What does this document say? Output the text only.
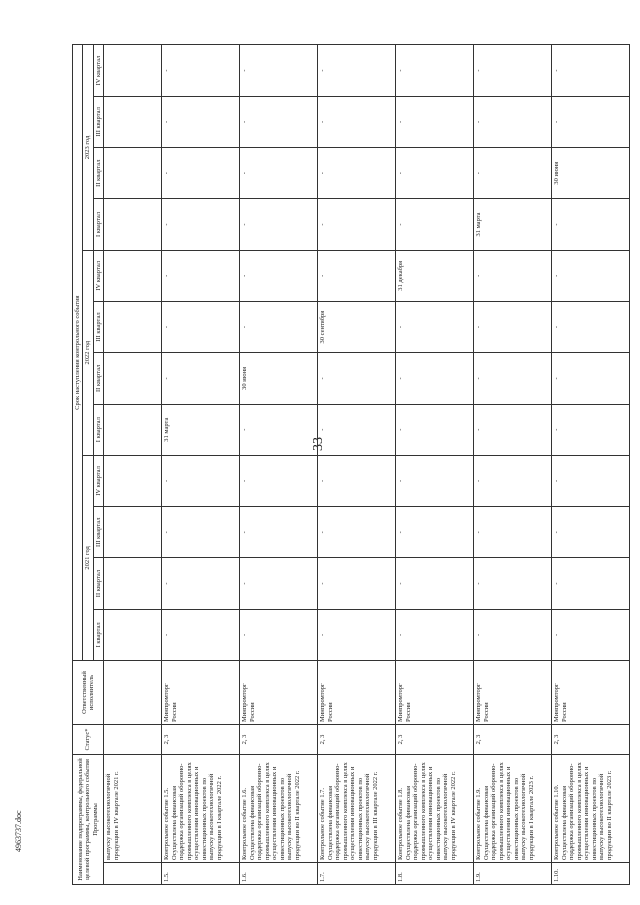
33
4963737.doc	Наименование подпрограммы, федеральной целевой программы, контрольного события Программы		Статус*	Ответственный исполнитель	Срок наступления контрольного события											
				2021 год				2022 год				2023 год			
				I квартал	II квартал	III квартал	IV квартал	I квартал	II квартал	III квартал	IV квартал	I квартал	II квартал	III квартал	IV квартал
	выпуску высокотехнологичной продукции в IV квартале 2021 г.														
1.5.	Контрольное событие 1.5. Осуществлена финансовая поддержка организаций оборонно-промышленного комплекса в целях осуществления инновационных и инвестиционных проектов по выпуску высокотехнологичной продукции в I квартале 2022 г.	2, 3	Минпромторг России	-	-	-	-	31 марта	-	-	-	-	-	-	-
1.6.	Контрольное событие 1.6. Осуществлена финансовая поддержка организаций оборонно-промышленного комплекса в целях осуществления инновационных и инвестиционных проектов по выпуску высокотехнологичной продукции во II квартале 2022 г.	2, 3	Минпромторг России	-	-	-	-	-	30 июня	-	-	-	-	-	-
1.7.	Контрольное событие 1.7. Осуществлена финансовая поддержка организаций оборонно-промышленного комплекса в целях осуществления инновационных и инвестиционных проектов по выпуску высокотехнологичной продукции в III квартале 2022 г.	2, 3	Минпромторг России	-	-	-	-	-	-	30 сентября	-	-	-	-	-
1.8.	Контрольное событие 1.8. Осуществлена финансовая поддержка организаций оборонно-промышленного комплекса в целях осуществления инновационных и инвестиционных проектов по выпуску высокотехнологичной продукции в IV квартале 2022 г.	2, 3	Минпромторг России	-	-	-	-	-	-	-	31 декабря	-	-	-	-
1.9.	Контрольное событие 1.9. Осуществлена финансовая поддержка организаций оборонно-промышленного комплекса в целях осуществления инновационных и инвестиционных проектов по выпуску высокотехнологичной продукции в I квартале 2023 г.	2, 3	Минпромторг России	-	-	-	-	-	-	-	-	31 марта	-	-	-
1.10.	Контрольное событие 1.10. Осуществлена финансовая поддержка организаций оборонно-промышленного комплекса в целях осуществления инновационных и инвестиционных проектов по выпуску высокотехнологичной продукции во II квартале 2023 г.	2, 3	Минпромторг России	-	-	-	-	-	-	-	-	-	30 июня	-	-
